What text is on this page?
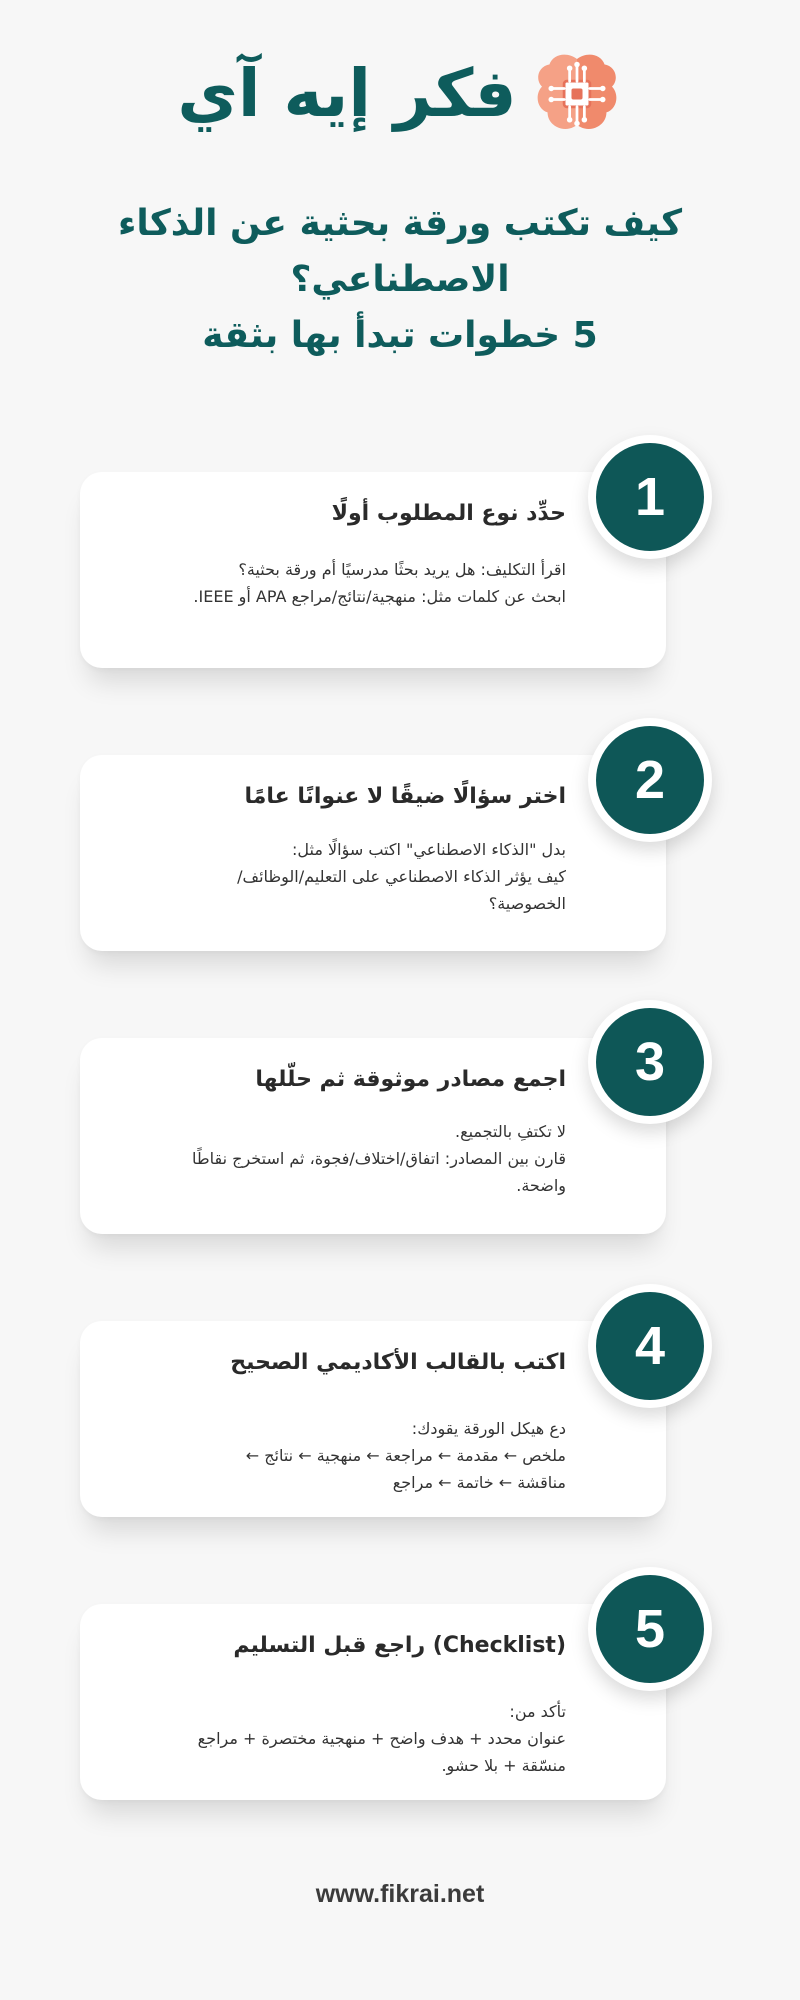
فكر إيه آي
كيف تكتب ورقة بحثية عن الذكاء
الاصطناعي؟
5 خطوات تبدأ بها بثقة
حدِّد نوع المطلوب أولًا
اقرأ التكليف: هل يريد بحثًا مدرسيًا أم ورقة بحثية؟
ابحث عن كلمات مثل: منهجية/نتائج/مراجع APA أو IEEE.
1
اختر سؤالًا ضيقًا لا عنوانًا عامًا
بدل "الذكاء الاصطناعي" اكتب سؤالًا مثل:
كيف يؤثر الذكاء الاصطناعي على التعليم/الوظائف/
الخصوصية؟
2
اجمع مصادر موثوقة ثم حلّلها
لا تكتفِ بالتجميع.
قارن بين المصادر: اتفاق/اختلاف/فجوة، ثم استخرج نقاطًا
واضحة.
3
اكتب بالقالب الأكاديمي الصحيح
دع هيكل الورقة يقودك:
ملخص ← مقدمة ← مراجعة ← منهجية ← نتائج ←
مناقشة ← خاتمة ← مراجع
4
(Checklist) راجع قبل التسليم
تأكد من:
عنوان محدد + هدف واضح + منهجية مختصرة + مراجع
منسّقة + بلا حشو.
5
www.fikrai.net
